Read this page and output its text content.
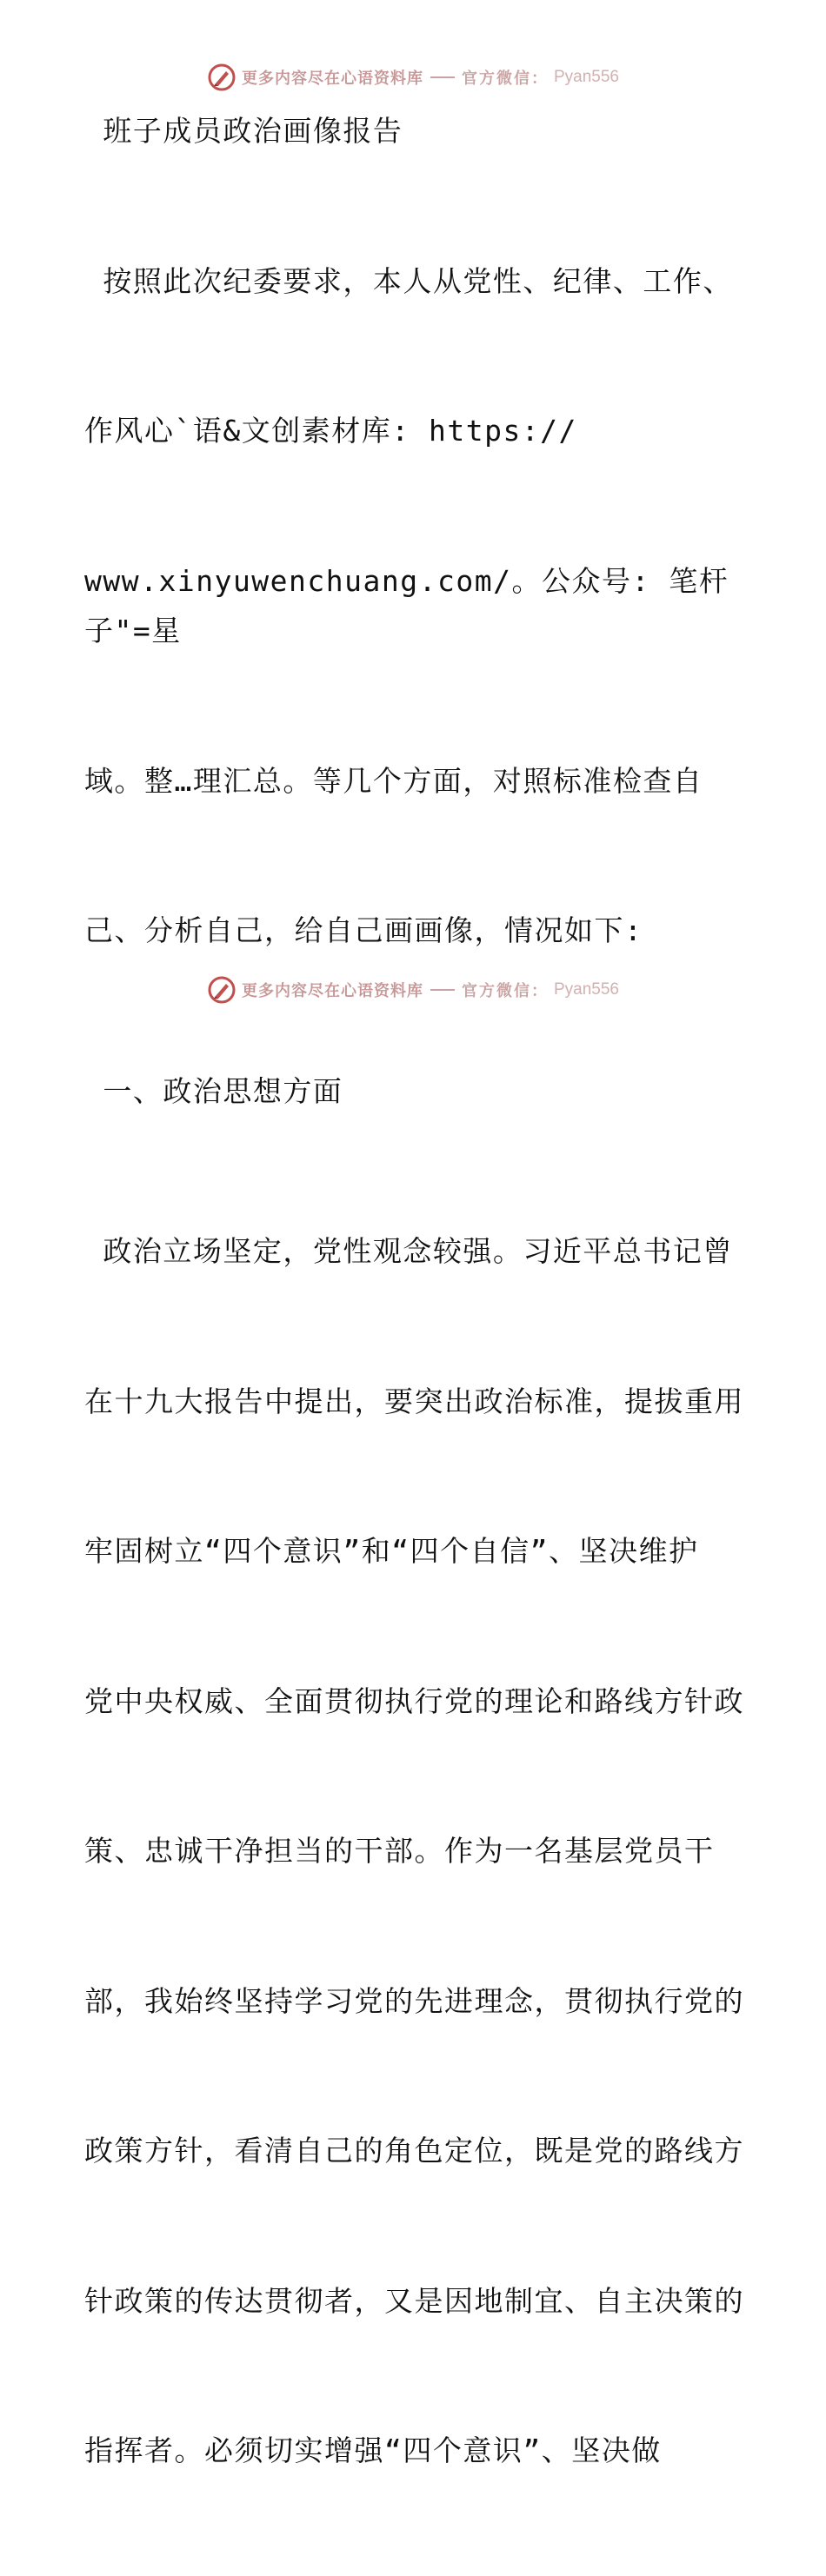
更多内容尽在心语资料库 官方微信： Pyan556

班子成员政治画像报告

按照此次纪委要求，本人从党性、纪律、工作、

作风心`语&文创素材库: https://

www.xinyuwenchuang.com/。公众号: 笔杆子"=星

域。整…理汇总。等几个方面，对照标准检查自

己、分析自己，给自己画画像，情况如下:

一、政治思想方面

政治立场坚定，党性观念较强。习近平总书记曾

在十九大报告中提出，要突出政治标准，提拔重用

牢固树立“四个意识”和“四个自信”、坚决维护

党中央权威、全面贯彻执行党的理论和路线方针政

策、忠诚干净担当的干部。作为一名基层党员干

部，我始终坚持学习党的先进理念，贯彻执行党的

政策方针，看清自己的角色定位，既是党的路线方

针政策的传达贯彻者，又是因地制宜、自主决策的

指挥者。必须切实增强“四个意识”、坚决做

更多内容尽在心语资料库 官方微信： Pyan556
